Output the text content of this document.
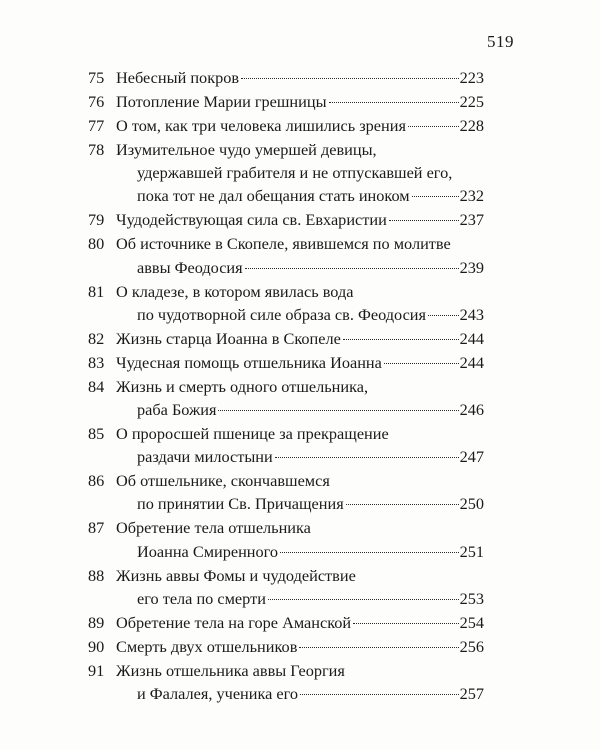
519
75 Небесный покров	223
76 Потопление Марии грешницы	225
77 О том, как три человека лишились зрения	228
78 Изумительное чудо умершей девицы,
удержавшей грабителя и не отпускавшей его,
пока тот не дал обещания стать иноком	232
79 Чудодействующая сила св. Евхаристии	237
80 Об источнике в Скопеле, явившемся по молитве
аввы Феодосия	239
81 О кладезе, в котором явилась вода
по чудотворной силе образа св. Феодосия 243
82 Жизнь старца Иоанна в Скопеле	244
83 Чудесная помощь отшельника Иоанна	244
84 Жизнь и смерть одного отшельника,
раба Божия	246
85 О проросшей пшенице за прекращение
раздачи милостыни	247
86 Об отшельнике, скончавшемся
по принятии Св. Причащения	250
87 Обретение тела отшельника
Иоанна Смиренного	251
88 Жизнь аввы Фомы и чудодействие
его тела по смерти	253
89 Обретение тела на горе Аманской	254
90 Смерть двух отшельников	256
91 Жизнь отшельника аввы Георгия
и Фалалея, ученика его	257
